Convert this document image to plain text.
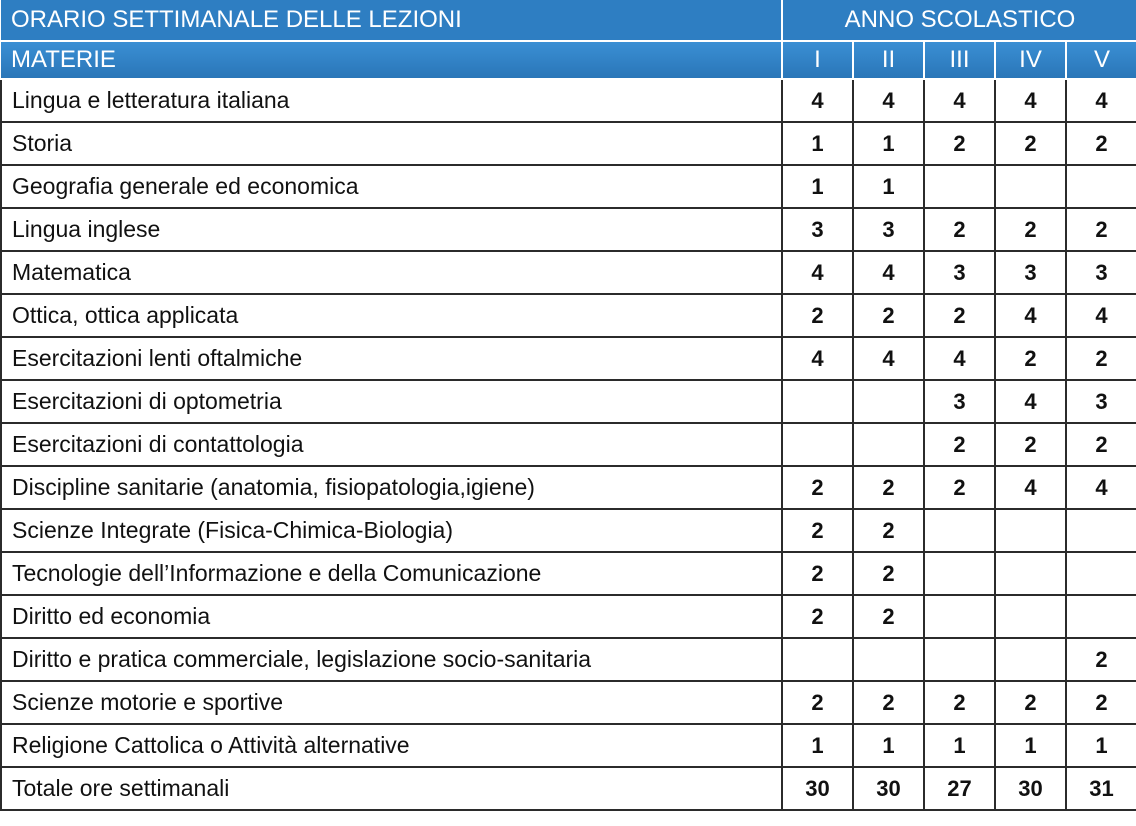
ORARIO SETTIMANALE DELLE LEZIONI	ANNO SCOLASTICO				
MATERIE	I	II	III	IV	V
Lingua e letteratura italiana	4	4	4	4	4
Storia	1	1	2	2	2
Geografia generale ed economica	1	1			
Lingua inglese	3	3	2	2	2
Matematica	4	4	3	3	3
Ottica, ottica applicata	2	2	2	4	4
Esercitazioni lenti oftalmiche	4	4	4	2	2
Esercitazioni di optometria			3	4	3
Esercitazioni di contattologia			2	2	2
Discipline sanitarie (anatomia, fisiopatologia,igiene)	2	2	2	4	4
Scienze Integrate (Fisica-Chimica-Biologia)	2	2			
Tecnologie dell’Informazione e della Comunicazione	2	2			
Diritto ed economia	2	2			
Diritto e pratica commerciale, legislazione socio-sanitaria					2
Scienze motorie e sportive	2	2	2	2	2
Religione Cattolica o Attività alternative	1	1	1	1	1
Totale ore settimanali	30	30	27	30	31
